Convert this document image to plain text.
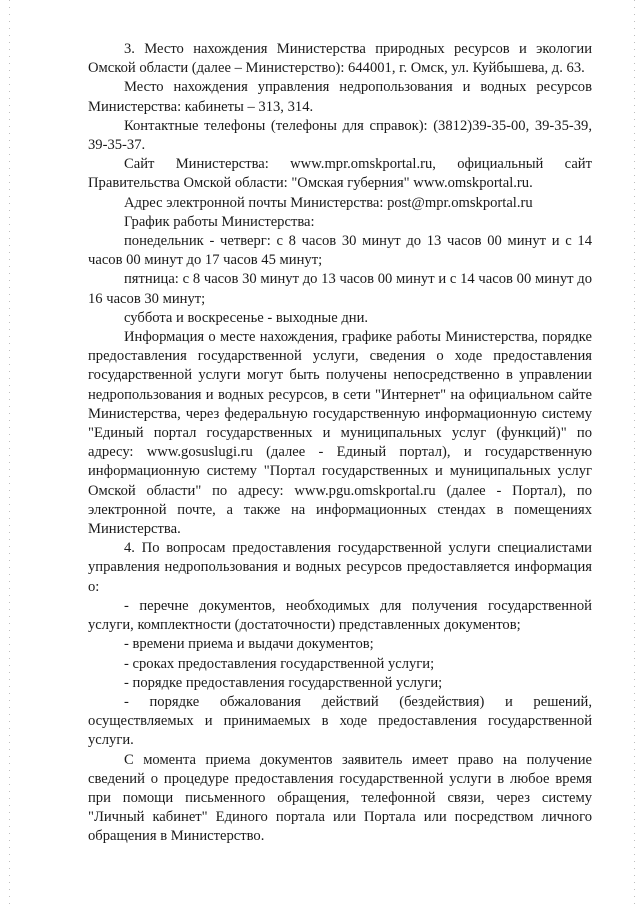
3. Место нахождения Министерства природных ресурсов и экологии Омской области (далее – Министерство): 644001, г. Омск, ул. Куйбышева, д. 63.

Место нахождения управления недропользования и водных ресурсов Министерства: кабинеты – 313, 314.

Контактные телефоны (телефоны для справок): (3812)39-35-00, 39-35-39, 39-35-37.

Сайт Министерства: www.mpr.omskportal.ru, официальный сайт Правительства Омской области: "Омская губерния" www.omskportal.ru.

Адрес электронной почты Министерства: post@mpr.omskportal.ru

График работы Министерства:

понедельник - четверг: с 8 часов 30 минут до 13 часов 00 минут и с 14 часов 00 минут до 17 часов 45 минут;

пятница: с 8 часов 30 минут до 13 часов 00 минут и с 14 часов 00 минут до 16 часов 30 минут;

суббота и воскресенье - выходные дни.

Информация о месте нахождения, графике работы Министерства, порядке предоставления государственной услуги, сведения о ходе предоставления государственной услуги могут быть получены непосредственно в управлении недропользования и водных ресурсов, в сети "Интернет" на официальном сайте Министерства, через федеральную государственную информационную систему "Единый портал государственных и муниципальных услуг (функций)" по адресу: www.gosuslugi.ru (далее - Единый портал), и государственную информационную систему "Портал государственных и муниципальных услуг Омской области" по адресу: www.pgu.omskportal.ru (далее - Портал), по электронной почте, а также на информационных стендах в помещениях Министерства.

4. По вопросам предоставления государственной услуги специалистами управления недропользования и водных ресурсов предоставляется информация о:

- перечне документов, необходимых для получения государственной услуги, комплектности (достаточности) представленных документов;

- времени приема и выдачи документов;

- сроках предоставления государственной услуги;

- порядке предоставления государственной услуги;

- порядке обжалования действий (бездействия) и решений, осуществляемых и принимаемых в ходе предоставления государственной услуги.

С момента приема документов заявитель имеет право на получение сведений о процедуре предоставления государственной услуги в любое время при помощи письменного обращения, телефонной связи, через систему "Личный кабинет" Единого портала или Портала или посредством личного обращения в Министерство.
